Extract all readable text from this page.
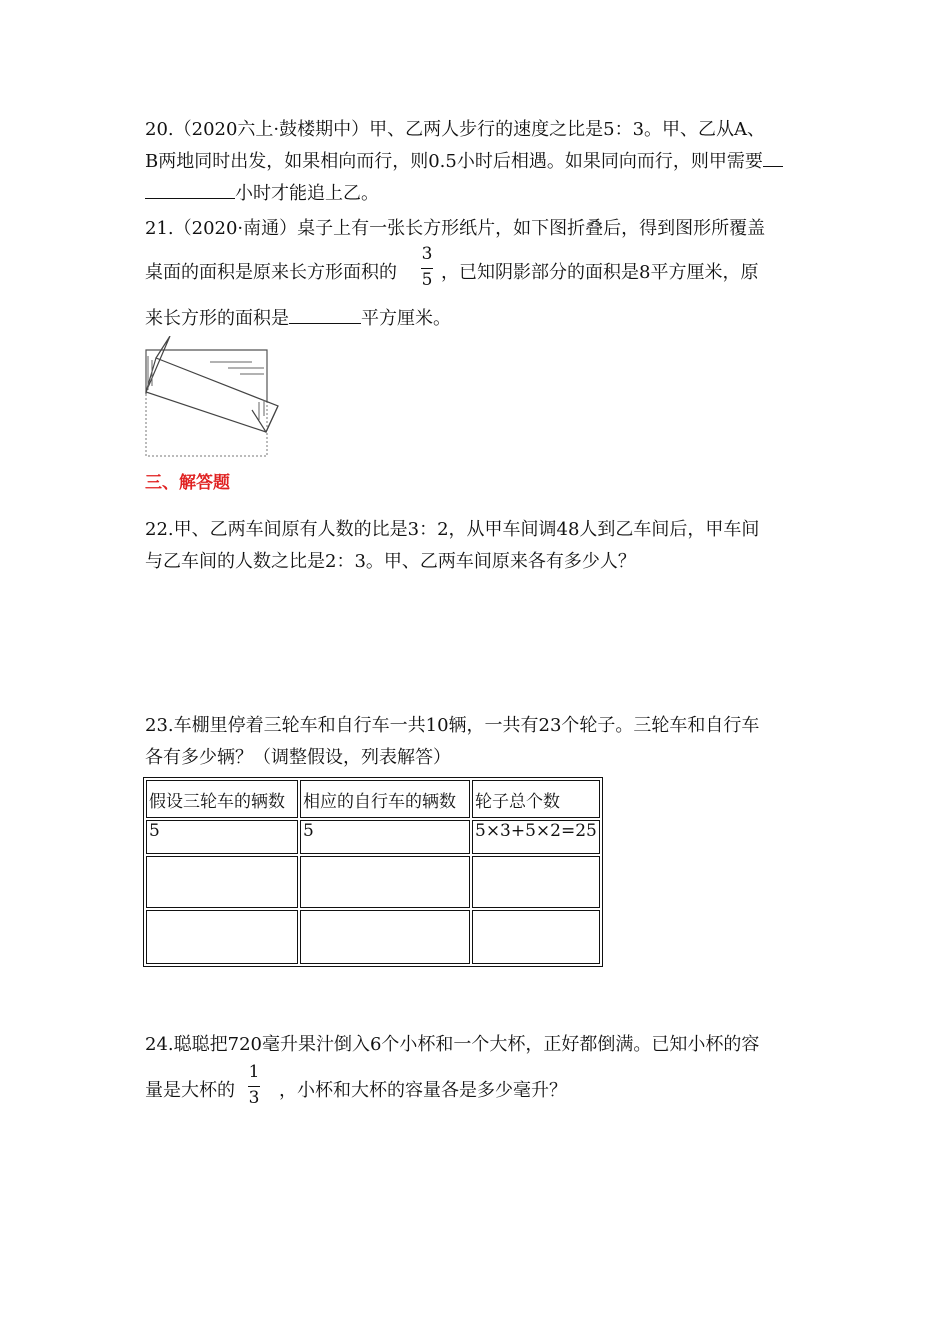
20.（2020六上·鼓楼期中）甲、乙两人步行的速度之比是5：3。甲、乙从A、
B两地同时出发，如果相向而行，则0.5小时后相遇。如果同向而行，则甲需要
小时才能追上乙。
21.（2020·南通）桌子上有一张长方形纸片，如下图折叠后，得到图形所覆盖
桌面的面积是原来长方形面积的 ，已知阴影部分的面积是8平方厘米，原
3
5
来长方形的面积是	平方厘米。
三、解答题
22.甲、乙两车间原有人数的比是3：2，从甲车间调48人到乙车间后，甲车间
与乙车间的人数之比是2：3。甲、乙两车间原来各有多少人？
23.车棚里停着三轮车和自行车一共10辆，一共有23个轮子。三轮车和自行车
各有多少辆？（调整假设，列表解答）
假设三轮车的辆数	相应的自行车的辆数	轮子总个数
5	5	5×3+5×2=25

24.聪聪把720毫升果汁倒入6个小杯和一个大杯，正好都倒满。已知小杯的容
量是大杯的 ，小杯和大杯的容量各是多少毫升？
1
3
